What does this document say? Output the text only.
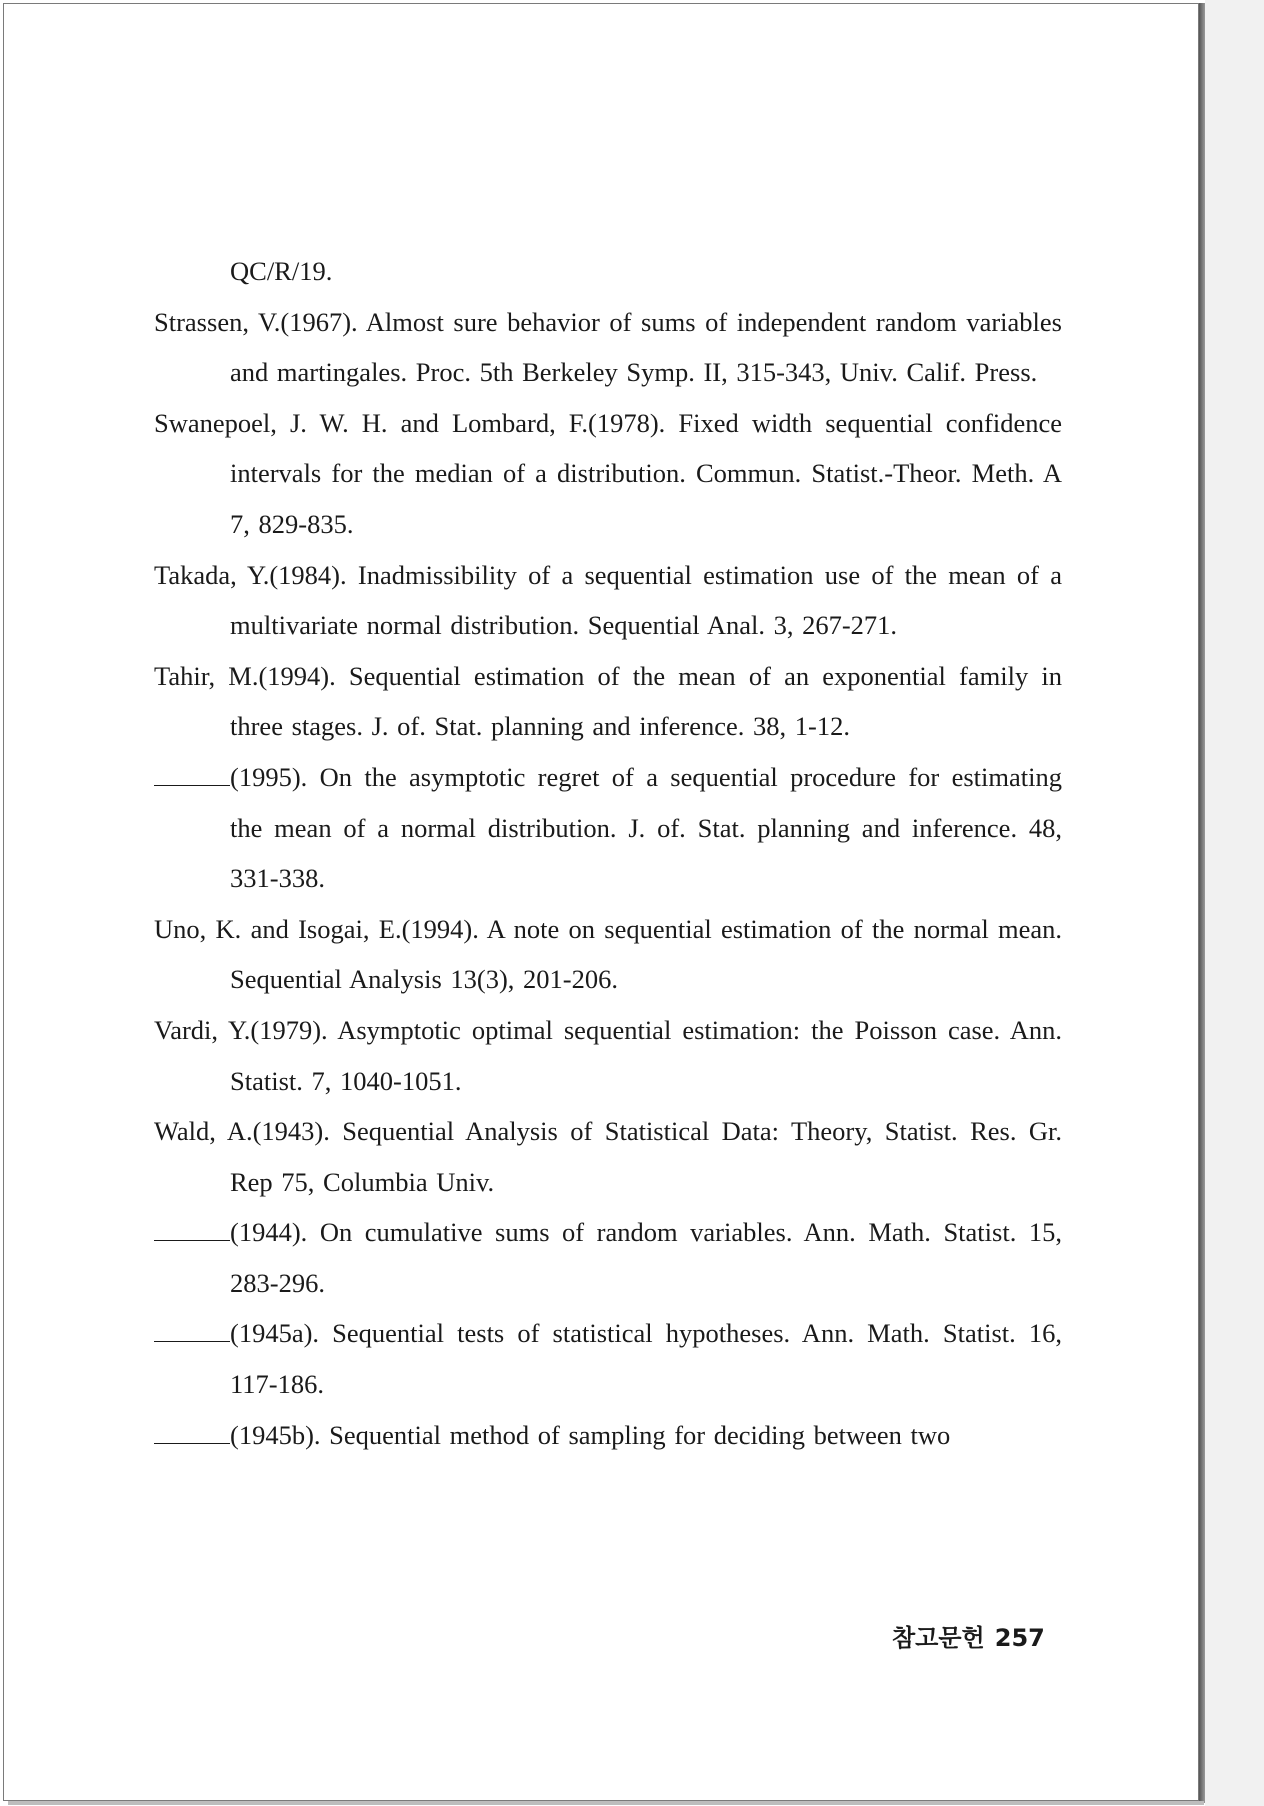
QC/R/19.

Strassen, V.(1967). Almost sure behavior of sums of independent random variables and martingales. Proc. 5th Berkeley Symp. II, 315-343, Univ. Calif. Press.

Swanepoel, J. W. H. and Lombard, F.(1978). Fixed width sequential confidence intervals for the median of a distribution. Commun. Statist.-Theor. Meth. A 7, 829-835.

Takada, Y.(1984). Inadmissibility of a sequential estimation use of the mean of a multivariate normal distribution. Sequential Anal. 3, 267-271.

Tahir, M.(1994). Sequential estimation of the mean of an exponential family in three stages. J. of. Stat. planning and inference. 38, 1-12.

(1995). On the asymptotic regret of a sequential procedure for estimating the mean of a normal distribution. J. of. Stat. planning and inference. 48, 331-338.

Uno, K. and Isogai, E.(1994). A note on sequential estimation of the normal mean. Sequential Analysis 13(3), 201-206.

Vardi, Y.(1979). Asymptotic optimal sequential estimation: the Poisson case. Ann. Statist. 7, 1040-1051.

Wald, A.(1943). Sequential Analysis of Statistical Data: Theory, Statist. Res. Gr. Rep 75, Columbia Univ.

(1944). On cumulative sums of random variables. Ann. Math. Statist. 15, 283-296.

(1945a). Sequential tests of statistical hypotheses. Ann. Math. Statist. 16, 117-186.

(1945b). Sequential method of sampling for deciding between two

참고문헌 257
